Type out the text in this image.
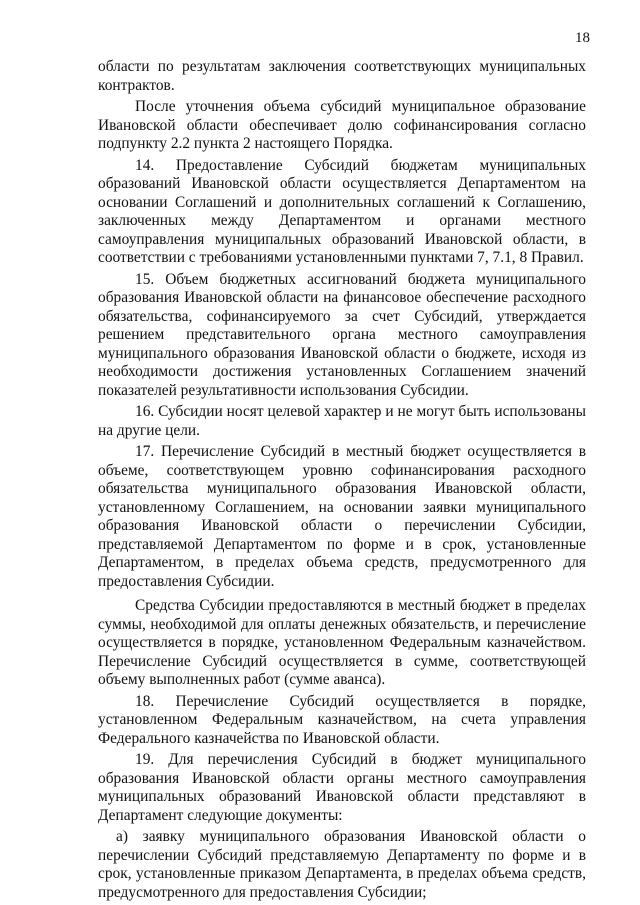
18

области по результатам заключения соответствующих муниципальных контрактов.

После уточнения объема субсидий муниципальное образование Ивановской области обеспечивает долю софинансирования согласно подпункту 2.2 пункта 2 настоящего Порядка.

14. Предоставление Субсидий бюджетам муниципальных образований Ивановской области осуществляется Департаментом на основании Соглашений и дополнительных соглашений к Соглашению, заключенных между Департаментом и органами местного самоуправления муниципальных образований Ивановской области, в соответствии с требованиями установленными пунктами 7, 7.1, 8 Правил.

15. Объем бюджетных ассигнований бюджета муниципального образования Ивановской области на финансовое обеспечение расходного обязательства, софинансируемого за счет Субсидий, утверждается решением представительного органа местного самоуправления муниципального образования Ивановской области о бюджете, исходя из необходимости достижения установленных Соглашением значений показателей результативности использования Субсидии.

16. Субсидии носят целевой характер и не могут быть использованы на другие цели.

17. Перечисление Субсидий в местный бюджет осуществляется в объеме, соответствующем уровню софинансирования расходного обязательства муниципального образования Ивановской области, установленному Соглашением, на основании заявки муниципального образования Ивановской области о перечислении Субсидии, представляемой Департаментом по форме и в срок, установленные Департаментом, в пределах объема средств, предусмотренного для предоставления Субсидии.

Средства Субсидии предоставляются в местный бюджет в пределах суммы, необходимой для оплаты денежных обязательств, и перечисление осуществляется в порядке, установленном Федеральным казначейством. Перечисление Субсидий осуществляется в сумме, соответствующей объему выполненных работ (сумме аванса).

18. Перечисление Субсидий осуществляется в порядке, установленном Федеральным казначейством, на счета управления Федерального казначейства по Ивановской области.

19. Для перечисления Субсидий в бюджет муниципального образования Ивановской области органы местного самоуправления муниципальных образований Ивановской области представляют в Департамент следующие документы:

а) заявку муниципального образования Ивановской области о перечислении Субсидий представляемую Департаменту по форме и в срок, установленные приказом Департамента, в пределах объема средств, предусмотренного для предоставления Субсидии;
